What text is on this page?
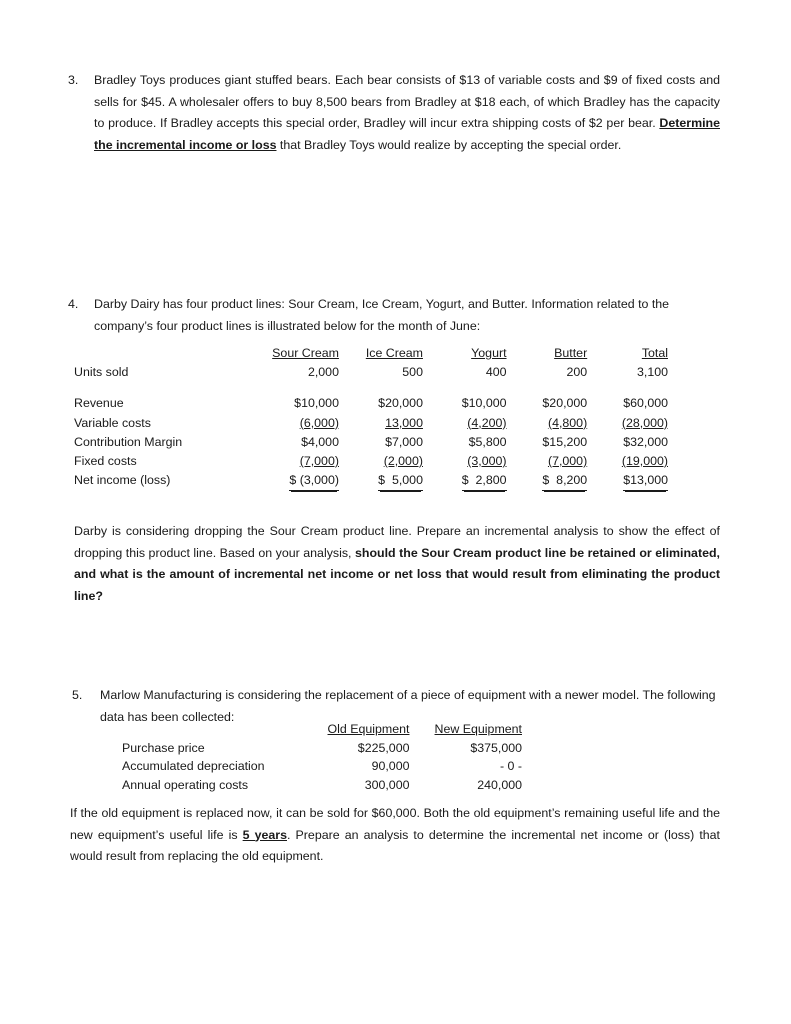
3.	Bradley Toys produces giant stuffed bears. Each bear consists of $13 of variable costs and $9 of fixed costs and sells for $45. A wholesaler offers to buy 8,500 bears from Bradley at $18 each, of which Bradley has the capacity to produce. If Bradley accepts this special order, Bradley will incur extra shipping costs of $2 per bear. Determine the incremental income or loss that Bradley Toys would realize by accepting the special order.
4.	Darby Dairy has four product lines: Sour Cream, Ice Cream, Yogurt, and Butter. Information related to the company’s four product lines is illustrated below for the month of June:
	Sour Cream	Ice Cream	Yogurt	Butter	Total
Units sold	2,000	500	400	200	3,100

Revenue	$10,000	$20,000	$10,000	$20,000	$60,000
Variable costs	(6,000)	13,000	(4,200)	(4,800)	(28,000)
Contribution Margin	$4,000	$7,000	$5,800	$15,200	$32,000
Fixed costs	(7,000)	(2,000)	(3,000)	(7,000)	(19,000)
Net income (loss)	$ (3,000)	$  5,000	$  2,800	$  8,200	$13,000
Darby is considering dropping the Sour Cream product line. Prepare an incremental analysis to show the effect of dropping this product line. Based on your analysis, should the Sour Cream product line be retained or eliminated, and what is the amount of incremental net income or net loss that would result from eliminating the product line?
5.	Marlow Manufacturing is considering the replacement of a piece of equipment with a newer model. The following data has been collected:
	Old Equipment	New Equipment
Purchase price	$225,000	$375,000
Accumulated depreciation	90,000	- 0 -
Annual operating costs	300,000	240,000
If the old equipment is replaced now, it can be sold for $60,000. Both the old equipment’s remaining useful life and the new equipment’s useful life is 5 years. Prepare an analysis to determine the incremental net income or (loss) that would result from replacing the old equipment.
